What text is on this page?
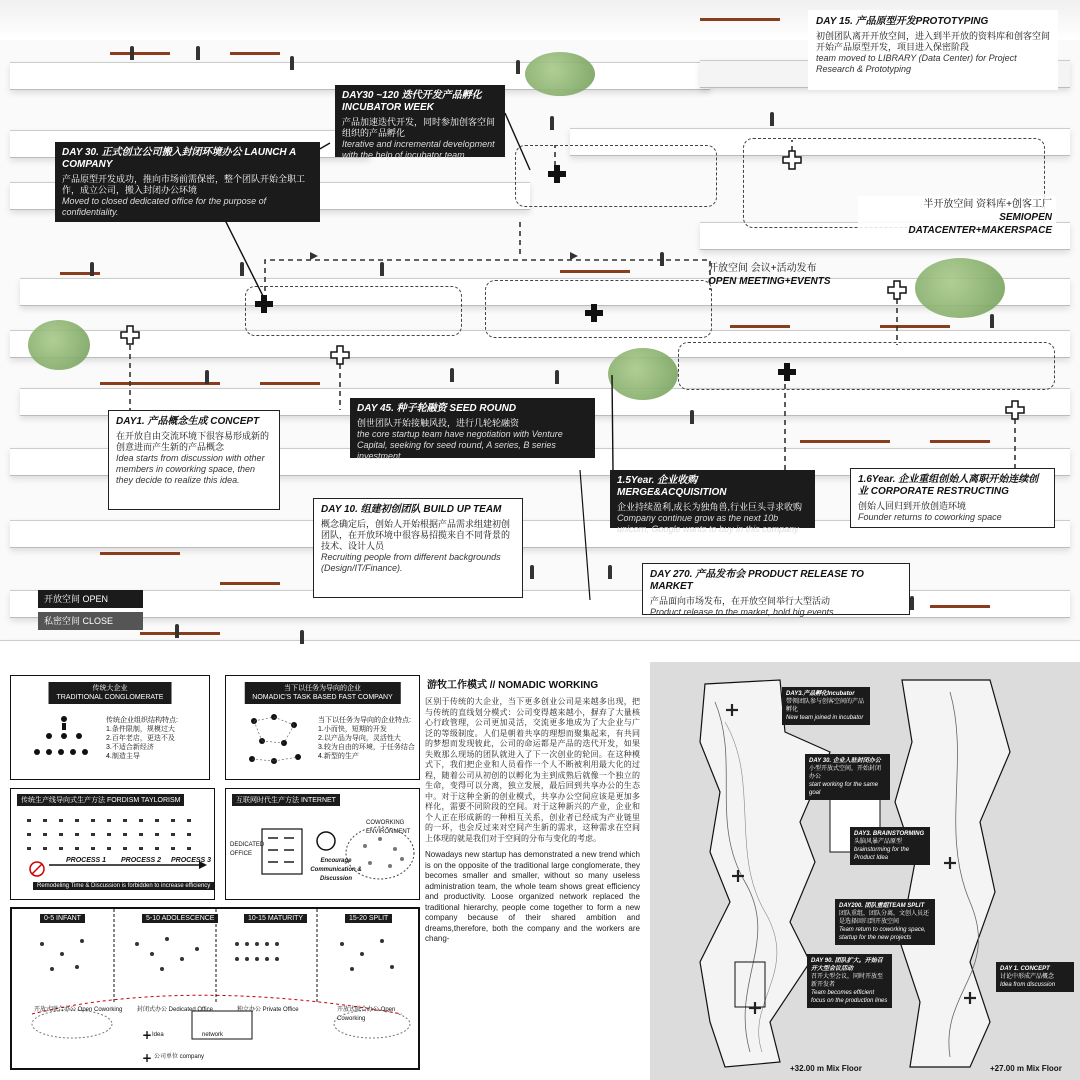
DAY 15. 产品原型开发PROTOTYPING
初创团队离开开放空间，进入到半开放的资料库和创客空间开始产品原型开发，项目进入保密阶段
team moved to LIBRARY (Data Center) for Project Research & Prototyping
DAY30 ~120 迭代开发产品孵化 INCUBATOR WEEK
产品加速迭代开发，同时参加创客空间组织的产品孵化
Iterative and incremental development with the help of incubator team
DAY 30. 正式创立公司搬入封闭环境办公 LAUNCH A COMPANY
产品原型开发成功，推向市场前需保密，整个团队开始全职工作，成立公司，搬入封闭办公环境
Moved to closed dedicated office for the purpose of confidentiality.
半开放空间 资料库+创客工厂
SEMIOPEN DATACENTER+MAKERSPACE
开放空间 会议+活动发布
OPEN MEETING+EVENTS
DAY1. 产品概念生成 CONCEPT
在开放自由交流环境下很容易形成新的创意进而产生新的产品概念
Idea starts from discussion with other members in coworking space, then they decide to realize this idea.
DAY 45. 种子轮融资 SEED ROUND
创世团队开始接触风投，进行几轮轮融资
the core startup team have negotiation with Venture Capital, seeking for seed round, A series, B series investment
1.5Year. 企业收购 MERGE&ACQUISITION
企业持续盈利,成长为独角兽,行业巨头寻求收购
Company continue grow as the next 10b unicorn, Google wants to buy in this company
1.6Year. 企业重组创始人离职开始连续创业 CORPORATE RESTRUCTING
创始人回归到开放创造环境
Founder returns to coworking space
DAY 10. 组建初创团队 BUILD UP TEAM
概念确定后，创始人开始根据产品需求组建初创团队，在开放环境中很容易招揽来自不同背景的技术、设计人员
Recruiting people from different backgrounds (Design/IT/Finance).
DAY 270. 产品发布会 PRODUCT RELEASE TO MARKET
产品面向市场发布，在开放空间举行大型活动
Product release to the market, hold big events.
开放空间 OPEN
私密空间 CLOSE
传统大企业
TRADITIONAL CONGLOMERATE
传统企业组织结构特点:
1.条件限制，规模过大
2.百年老店，更迭不及
3.不适合新经济
4.制造主导
当下以任务为导向的企业
NOMADIC'S TASK BASED FAST COMPANY
当下以任务为导向的企业特点:
1.小而快，短期的开发
2.以产品为导向，灵活性大
3.较为自由的环境，于任务结合
4.新型的生产
传统生产线导向式生产方法 FORDISM TAYLORISM
PROCESS 1 PROCESS 2 PROCESS 3
Remodeling Time & Discussion is forbidden to increase efficiency
互联网时代生产方法 INTERNET
DEDICATED OFFICE
Encourage Communication & Discussion
COWORKING ENVIRONMENT
0-5 INFANT	5-10 ADOLESCENCE	10-15 MATURITY	15-20 SPLIT
+
+
开放式联合办公 Open Coworking 封闭式办公 Dedicated Office	独立办公 Private Office	开放式联合办公 Open Coworking
Idea	network
公司单位 company
游牧工作模式 // NOMADIC WORKING

区别于传统的大企业，当下更多创业公司是来越多出现，把与传统的直线划分模式：公司变得越来越小，摒弃了大量核心行政管理，公司更加灵活，交流更多地成为了大企业与广泛的等级制度。人们是朝着共享的理想而聚集起来，有共同的梦想而发现彼此，公司的命运都是产品的迭代开发，如果失败那么现场的团队就进入了下一次创业的轮回。在这种模式下，我们把企业和人员看作一个人不断被利用最大化的过程，随着公司从初创的以孵化为主到成熟后就像一个独立的生命，变得可以分离，独立发展，最后回到共享办公的生态中。对于这种全新的创业模式，共享办公空间应该是更加多样化，需要不同阶段的空间。对于这种新兴的产业，企业和个人正在形成新的一种相互关系，创业者已经成为产业链里的一环，也会反过来对空间产生新的需求，这种需求在空间上体现的就是我们对于空间的分布与变化的考虑。

Nowadays new startup has demonstrated a new trend which is on the opposite of the traditional large conglomerate, they becomes smaller and smaller, without so many useless administration team, the whole team shows great efficiency and productivity. Loose organized network replaced the traditional hierarchy, people come together to form a new company because of their shared ambition and dreams,therefore, both the company and the workers are chang-

DAY3.产品孵化Incubator
带领团队参与创客空间的产品孵化
New team joined in incubator
DAY 30. 企业入驻封闭办公
小型开放式空间，开始封闭办公
start working for the same goal
DAY3. BRAINSTORMING
头脑风暴产品原型
brainstorming for the Product Idea
DAY200. 团队重组TEAM SPLIT
团队重组，团队分离，文创人员还是选择回归到开放空间
Team return to coworking space, startup for the new projects
DAY 90. 团队扩大。开始召开大型会议活动
召开大型会议，同时开放至新开发者
Team becomes efficient focus on the production lines
DAY 1. CONCEPT
讨论中形成产品概念
Idea from discussion
+32.00 m Mix Floor	+27.00 m Mix Floor
